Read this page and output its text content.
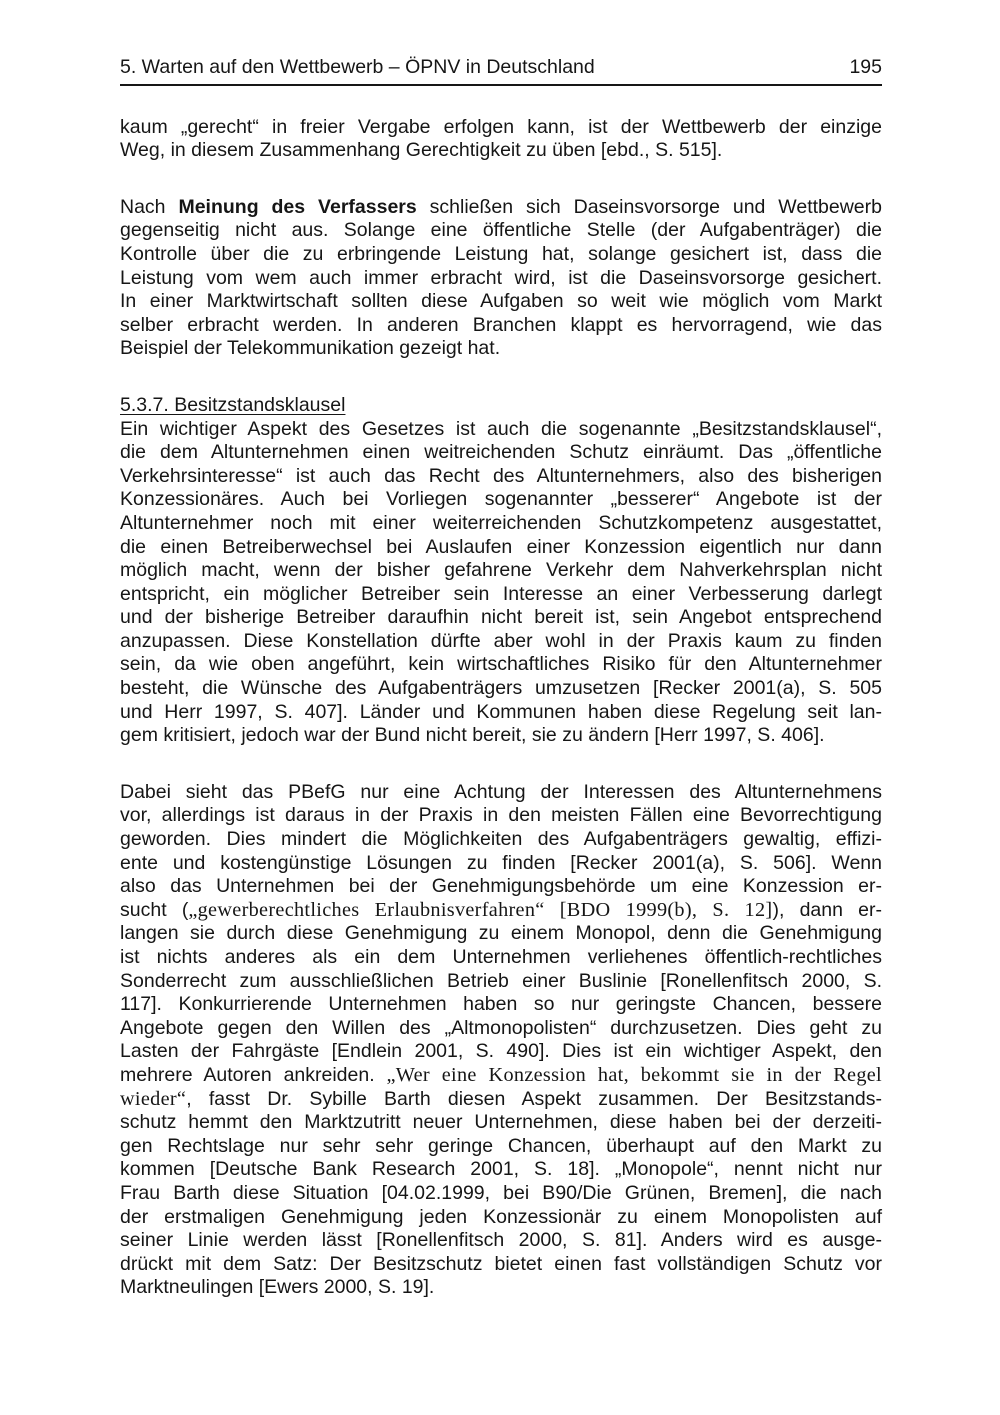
5. Warten auf den Wettbewerb – ÖPNV in Deutschland	195
kaum „gerecht“ in freier Vergabe erfolgen kann, ist der Wettbewerb der einzige
Weg, in diesem Zusammenhang Gerechtigkeit zu üben [ebd., S. 515].
Nach Meinung des Verfassers schließen sich Daseinsvorsorge und Wettbewerb
gegenseitig nicht aus. Solange eine öffentliche Stelle (der Aufgabenträger) die
Kontrolle über die zu erbringende Leistung hat, solange gesichert ist, dass die
Leistung vom wem auch immer erbracht wird, ist die Daseinsvorsorge gesichert.
In einer Marktwirtschaft sollten diese Aufgaben so weit wie möglich vom Markt
selber erbracht werden. In anderen Branchen klappt es hervorragend, wie das
Beispiel der Telekommunikation gezeigt hat.
5.3.7. Besitzstandsklausel
Ein wichtiger Aspekt des Gesetzes ist auch die sogenannte „Besitzstandsklausel“,
die dem Altunternehmen einen weitreichenden Schutz einräumt. Das „öffentliche
Verkehrsinteresse“ ist auch das Recht des Altunternehmers, also des bisherigen
Konzessionäres. Auch bei Vorliegen sogenannter „besserer“ Angebote ist der
Altunternehmer noch mit einer weiterreichenden Schutzkompetenz ausgestattet,
die einen Betreiberwechsel bei Auslaufen einer Konzession eigentlich nur dann
möglich macht, wenn der bisher gefahrene Verkehr dem Nahverkehrsplan nicht
entspricht, ein möglicher Betreiber sein Interesse an einer Verbesserung darlegt
und der bisherige Betreiber daraufhin nicht bereit ist, sein Angebot entsprechend
anzupassen. Diese Konstellation dürfte aber wohl in der Praxis kaum zu finden
sein, da wie oben angeführt, kein wirtschaftliches Risiko für den Altunternehmer
besteht, die Wünsche des Aufgabenträgers umzusetzen [Recker 2001(a), S. 505
und Herr 1997, S. 407]. Länder und Kommunen haben diese Regelung seit lan-
gem kritisiert, jedoch war der Bund nicht bereit, sie zu ändern [Herr 1997, S. 406].
Dabei sieht das PBefG nur eine Achtung der Interessen des Altunternehmens
vor, allerdings ist daraus in der Praxis in den meisten Fällen eine Bevorrechtigung
geworden. Dies mindert die Möglichkeiten des Aufgabenträgers gewaltig, effizi-
ente und kostengünstige Lösungen zu finden [Recker 2001(a), S. 506]. Wenn
also das Unternehmen bei der Genehmigungsbehörde um eine Konzession er-
sucht („gewerberechtliches Erlaubnisverfahren“ [BDO 1999(b), S. 12]), dann er-
langen sie durch diese Genehmigung zu einem Monopol, denn die Genehmigung
ist nichts anderes als ein dem Unternehmen verliehenes öffentlich-rechtliches
Sonderrecht zum ausschließlichen Betrieb einer Buslinie [Ronellenfitsch 2000, S.
117]. Konkurrierende Unternehmen haben so nur geringste Chancen, bessere
Angebote gegen den Willen des „Altmonopolisten“ durchzusetzen. Dies geht zu
Lasten der Fahrgäste [Endlein 2001, S. 490]. Dies ist ein wichtiger Aspekt, den
mehrere Autoren ankreiden. „Wer eine Konzession hat, bekommt sie in der Regel
wieder“, fasst Dr. Sybille Barth diesen Aspekt zusammen. Der Besitzstands-
schutz hemmt den Marktzutritt neuer Unternehmen, diese haben bei der derzeiti-
gen Rechtslage nur sehr sehr geringe Chancen, überhaupt auf den Markt zu
kommen [Deutsche Bank Research 2001, S. 18]. „Monopole“, nennt nicht nur
Frau Barth diese Situation [04.02.1999, bei B90/Die Grünen, Bremen], die nach
der erstmaligen Genehmigung jeden Konzessionär zu einem Monopolisten auf
seiner Linie werden lässt [Ronellenfitsch 2000, S. 81]. Anders wird es ausge-
drückt mit dem Satz: Der Besitzschutz bietet einen fast vollständigen Schutz vor
Marktneulingen [Ewers 2000, S. 19].
